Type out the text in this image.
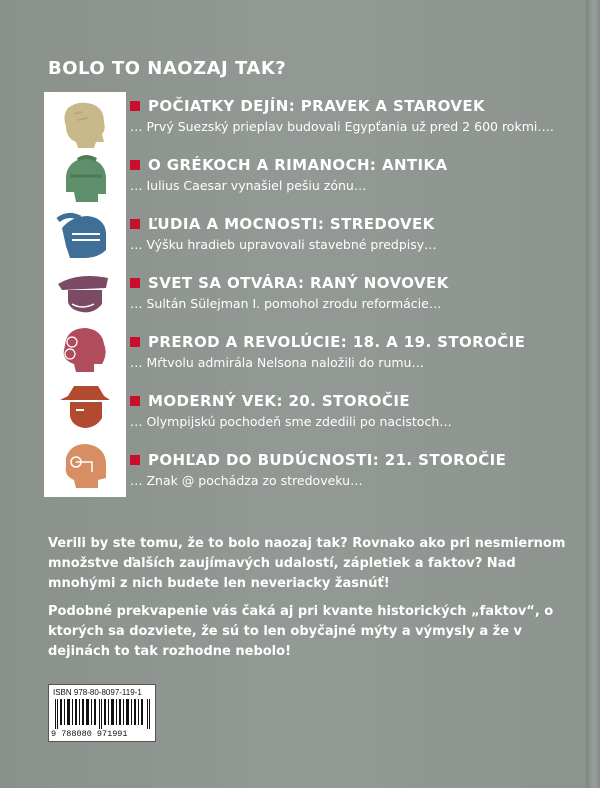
BOLO TO NAOZAJ TAK?
POČIATKY DEJÍN: PRAVEK A STAROVEK
… Prvý Suezský prieplav budovali Egypťania už pred 2 600 rokmi….
O GRÉKOCH A RIMANOCH: ANTIKA
… Iulius Caesar vynašiel pešiu zónu…
ĽUDIA A MOCNOSTI: STREDOVEK
… Výšku hradieb upravovali stavebné predpisy…
SVET SA OTVÁRA: RANÝ NOVOVEK
… Sultán Sülejman I. pomohol zrodu reformácie…
PREROD A REVOLÚCIE: 18. A 19. STOROČIE
… Mŕtvolu admirála Nelsona naložili do rumu…
MODERNÝ VEK: 20. STOROČIE
… Olympijskú pochodeň sme zdedili po nacistoch…
POHĽAD DO BUDÚCNOSTI: 21. STOROČIE
… Znak @ pochádza zo stredoveku…
Verili by ste tomu, že to bolo naozaj tak? Rovnako ako pri nesmiernom množstve ďalších zaujímavých udalostí, zápletiek a faktov? Nad mnohými z nich budete len neveriacky žasnúť!
Podobné prekvapenie vás čaká aj pri kvante historických „faktov“, o ktorých sa dozviete, že sú to len obyčajné mýty a výmysly a že v dejinách to tak rozhodne nebolo!
ISBN 978-80-8097-119-1
9 788080 971991
